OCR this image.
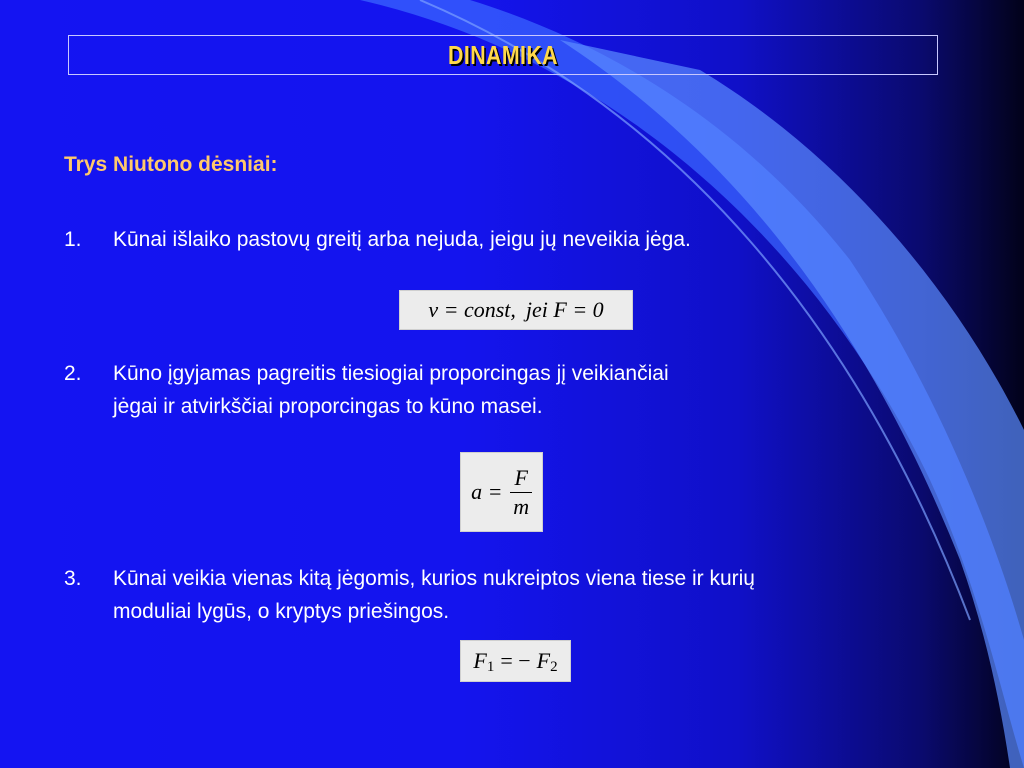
DINAMIKA
Trys Niutono dėsniai:
1.	Kūnai išlaiko pastovų greitį arba nejuda, jeigu jų neveikia jėga.
v = const , jei F = 0
2.	Kūno įgyjamas pagreitis tiesiogiai proporcingas jį veikiančiai
jėgai ir atvirkščiai proporcingas to kūno masei.
$a = \frac{F}{m}$
3.	Kūnai veikia vienas kitą jėgomis, kurios nukreiptos viena tiese ir kurių
moduliai lygūs, o kryptys priešingos.
F 1 = − F 2
